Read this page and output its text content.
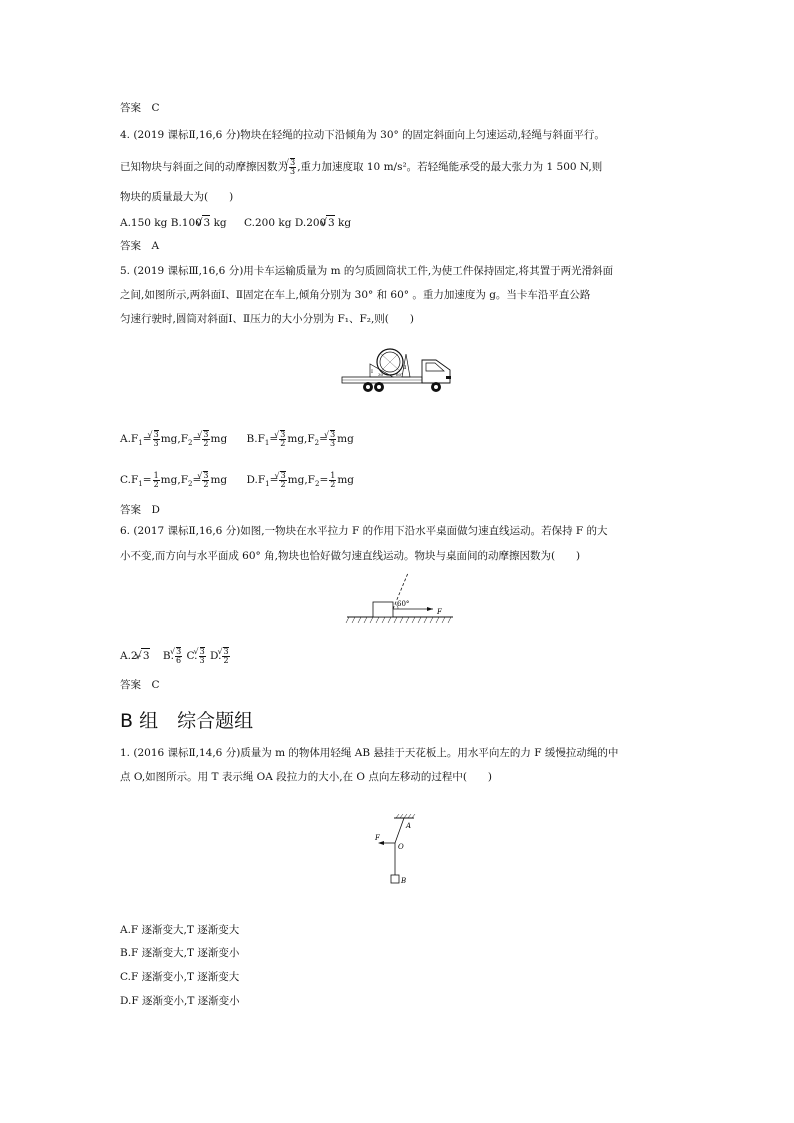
答案　C
4. (2019 课标Ⅱ,16,6 分)物块在轻绳的拉动下沿倾角为 30° 的固定斜面向上匀速运动,轻绳与斜面平行。
已知物块与斜面之间的动摩擦因数为 √ $\frac{3}{3}$ ,重力加速度取 10 m/s²。若轻绳能承受的最大张力为 1 500 N,则
物块的质量最大为(　　)
A.150 kg B.100 √ 3 kg C.200 kg D.200 √ 3 kg
答案　A
5. (2019 课标Ⅲ,16,6 分)用卡车运输质量为 m 的匀质圆筒状工件,为使工件保持固定,将其置于两光滑斜面
之间,如图所示,两斜面Ⅰ、Ⅱ固定在车上,倾角分别为 30° 和 60° 。重力加速度为 g。当卡车沿平直公路
匀速行驶时,圆筒对斜面Ⅰ、Ⅱ压力的大小分别为 F₁、F₂,则(　　)
Ⅰ
Ⅱ
30°	60°
$A.F_1=$ √ $\frac{3}{3} mg,F_2=$ √ $\frac{3}{2}$ mg $B.F_1=$ √ $\frac{3}{2} mg,F_2=$ √ $\frac{3}{3}$ mg
$C.F_1= \frac{1}{2} mg,F_2=$ √ $\frac{3}{2}$ mg $D.F_1=$ √ $\frac{3}{2} mg,F_2= \frac{1}{2}$ mg
答案　D
6. (2017 课标Ⅱ,16,6 分)如图,一物块在水平拉力 F 的作用下沿水平桌面做匀速直线运动。若保持 F 的大
小不变,而方向与水平面成 60° 角,物块也恰好做匀速直线运动。物块与桌面间的动摩擦因数为(　　)
60°
F
A.2- √ 3 B. √ $\frac{3}{6} C$. √ $\frac{3}{3} D$. √ $\frac{3}{2}$
答案　C
B 组　综合题组
1. (2016 课标Ⅱ,14,6 分)质量为 m 的物体用轻绳 AB 悬挂于天花板上。用水平向左的力 F 缓慢拉动绳的中
点 O,如图所示。用 T 表示绳 OA 段拉力的大小,在 O 点向左移动的过程中(　　)
A
F
O
B
A.F 逐渐变大,T 逐渐变大
B.F 逐渐变大,T 逐渐变小
C.F 逐渐变小,T 逐渐变大
D.F 逐渐变小,T 逐渐变小
